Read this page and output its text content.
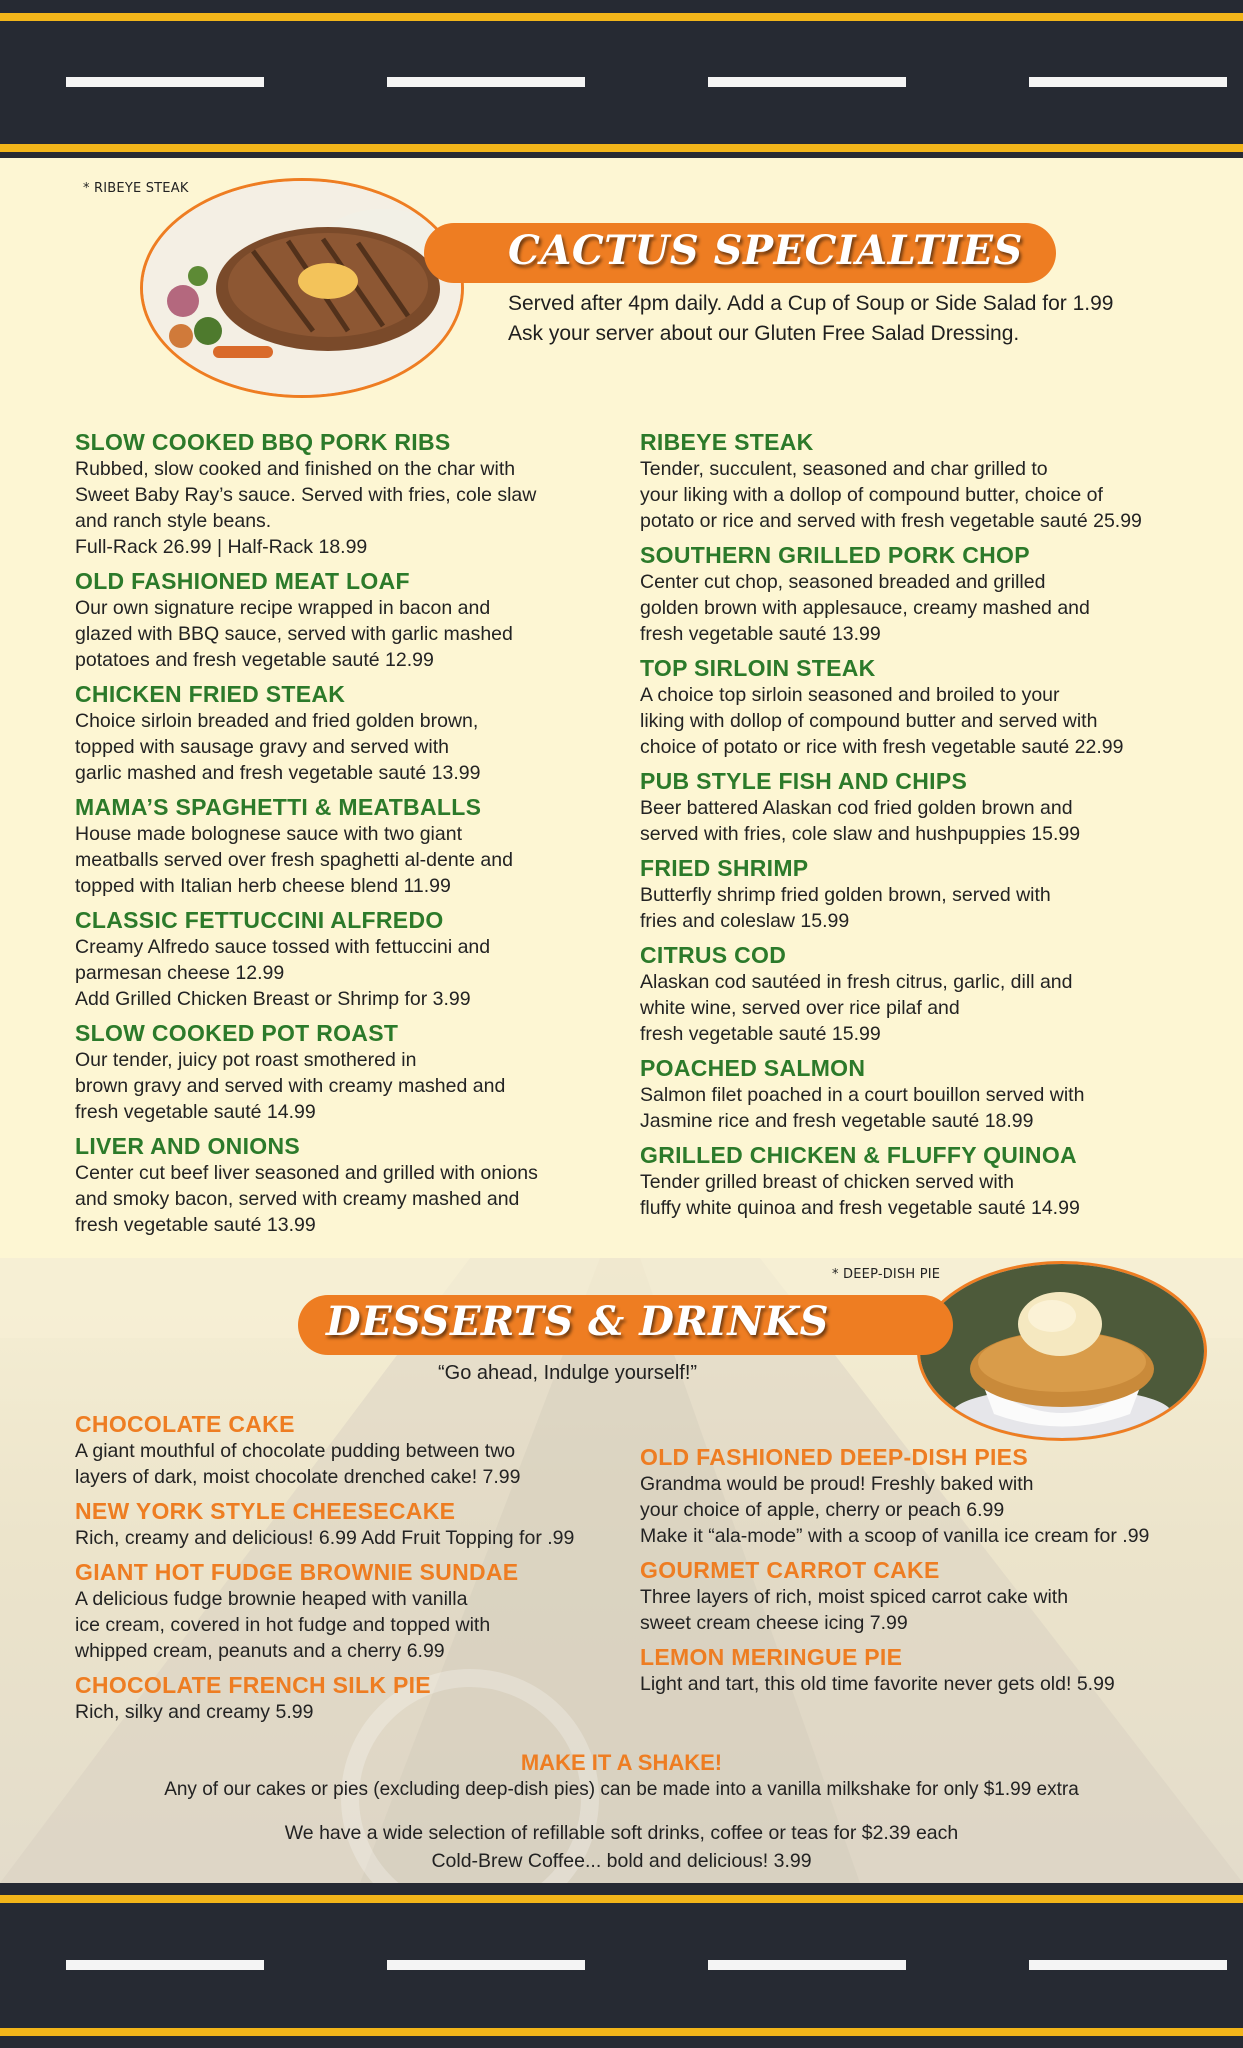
* RIBEYE STEAK
CACTUS SPECIALTIES
Served after 4pm daily. Add a Cup of Soup or Side Salad for 1.99
Ask your server about our Gluten Free Salad Dressing.
SLOW COOKED BBQ PORK RIBS
Rubbed, slow cooked and finished on the char with
Sweet Baby Ray’s sauce. Served with fries, cole slaw
and ranch style beans.
Full-Rack 26.99 | Half-Rack 18.99
OLD FASHIONED MEAT LOAF
Our own signature recipe wrapped in bacon and
glazed with BBQ sauce, served with garlic mashed
potatoes and fresh vegetable sauté 12.99
CHICKEN FRIED STEAK
Choice sirloin breaded and fried golden brown,
topped with sausage gravy and served with
garlic mashed and fresh vegetable sauté 13.99
MAMA’S SPAGHETTI & MEATBALLS
House made bolognese sauce with two giant
meatballs served over fresh spaghetti al-dente and
topped with Italian herb cheese blend 11.99
CLASSIC FETTUCCINI ALFREDO
Creamy Alfredo sauce tossed with fettuccini and
parmesan cheese 12.99
Add Grilled Chicken Breast or Shrimp for 3.99
SLOW COOKED POT ROAST
Our tender, juicy pot roast smothered in
brown gravy and served with creamy mashed and
fresh vegetable sauté 14.99
LIVER AND ONIONS
Center cut beef liver seasoned and grilled with onions
and smoky bacon, served with creamy mashed and
fresh vegetable sauté 13.99
RIBEYE STEAK
Tender, succulent, seasoned and char grilled to
your liking with a dollop of compound butter, choice of
potato or rice and served with fresh vegetable sauté 25.99
SOUTHERN GRILLED PORK CHOP
Center cut chop, seasoned breaded and grilled
golden brown with applesauce, creamy mashed and
fresh vegetable sauté 13.99
TOP SIRLOIN STEAK
A choice top sirloin seasoned and broiled to your
liking with dollop of compound butter and served with
choice of potato or rice with fresh vegetable sauté 22.99
PUB STYLE FISH AND CHIPS
Beer battered Alaskan cod fried golden brown and
served with fries, cole slaw and hushpuppies 15.99
FRIED SHRIMP
Butterfly shrimp fried golden brown, served with
fries and coleslaw 15.99
CITRUS COD
Alaskan cod sautéed in fresh citrus, garlic, dill and
white wine, served over rice pilaf and
fresh vegetable sauté 15.99
POACHED SALMON
Salmon filet poached in a court bouillon served with
Jasmine rice and fresh vegetable sauté 18.99
GRILLED CHICKEN & FLUFFY QUINOA
Tender grilled breast of chicken served with
fluffy white quinoa and fresh vegetable sauté 14.99
* DEEP-DISH PIE
DESSERTS & DRINKS
“Go ahead, Indulge yourself!”
CHOCOLATE CAKE
A giant mouthful of chocolate pudding between two
layers of dark, moist chocolate drenched cake! 7.99
NEW YORK STYLE CHEESECAKE
Rich, creamy and delicious! 6.99 Add Fruit Topping for .99
GIANT HOT FUDGE BROWNIE SUNDAE
A delicious fudge brownie heaped with vanilla
ice cream, covered in hot fudge and topped with
whipped cream, peanuts and a cherry 6.99
CHOCOLATE FRENCH SILK PIE
Rich, silky and creamy 5.99
OLD FASHIONED DEEP-DISH PIES
Grandma would be proud! Freshly baked with
your choice of apple, cherry or peach 6.99
Make it “ala-mode” with a scoop of vanilla ice cream for .99
GOURMET CARROT CAKE
Three layers of rich, moist spiced carrot cake with
sweet cream cheese icing 7.99
LEMON MERINGUE PIE
Light and tart, this old time favorite never gets old! 5.99
MAKE IT A SHAKE!
Any of our cakes or pies (excluding deep-dish pies) can be made into a vanilla milkshake for only $1.99 extra
We have a wide selection of refillable soft drinks, coffee or teas for $2.39 each
Cold-Brew Coffee... bold and delicious! 3.99
